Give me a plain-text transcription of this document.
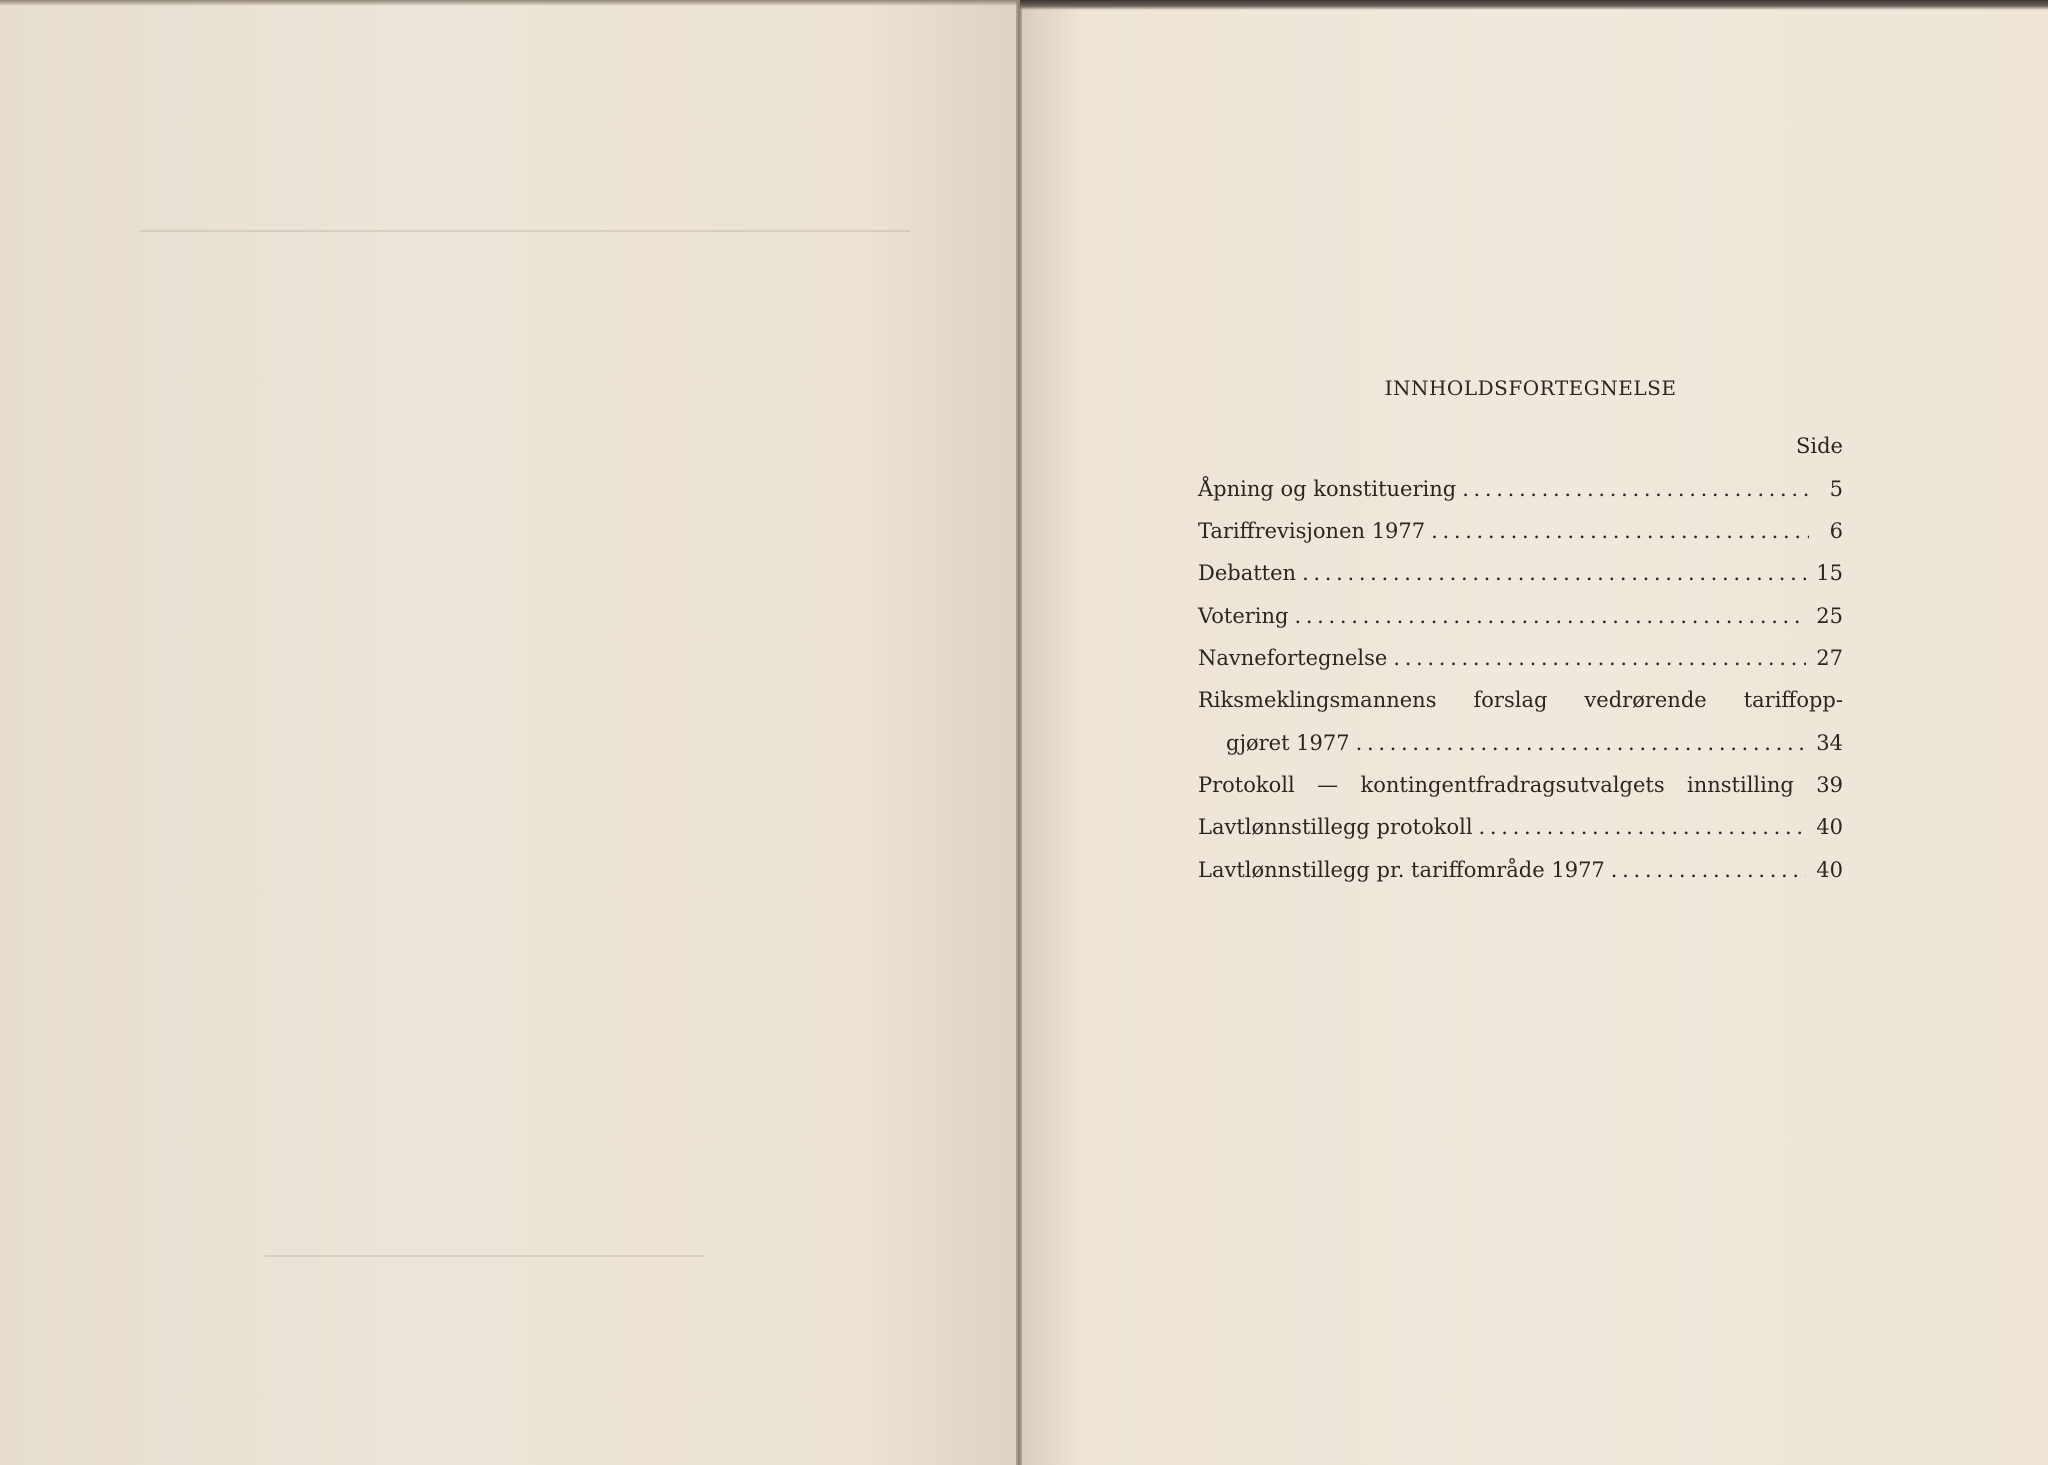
INNHOLDSFORTEGNELSE
Side
Åpning og konstituering . . .	5
Tariffrevisjonen 1977 . . .	6
Debatten . . .	15
Votering . . .	25
Navnefortegnelse . . .	27
Riksmeklingsmannens forslag vedrørende tariffopp-
gjøret 1977 . . .	34
Protokoll — kontingentfradragsutvalgets innstilling 39
Lavtlønnstillegg protokoll . . .	40
Lavtlønnstillegg pr. tariffområde 1977 . . .	40
